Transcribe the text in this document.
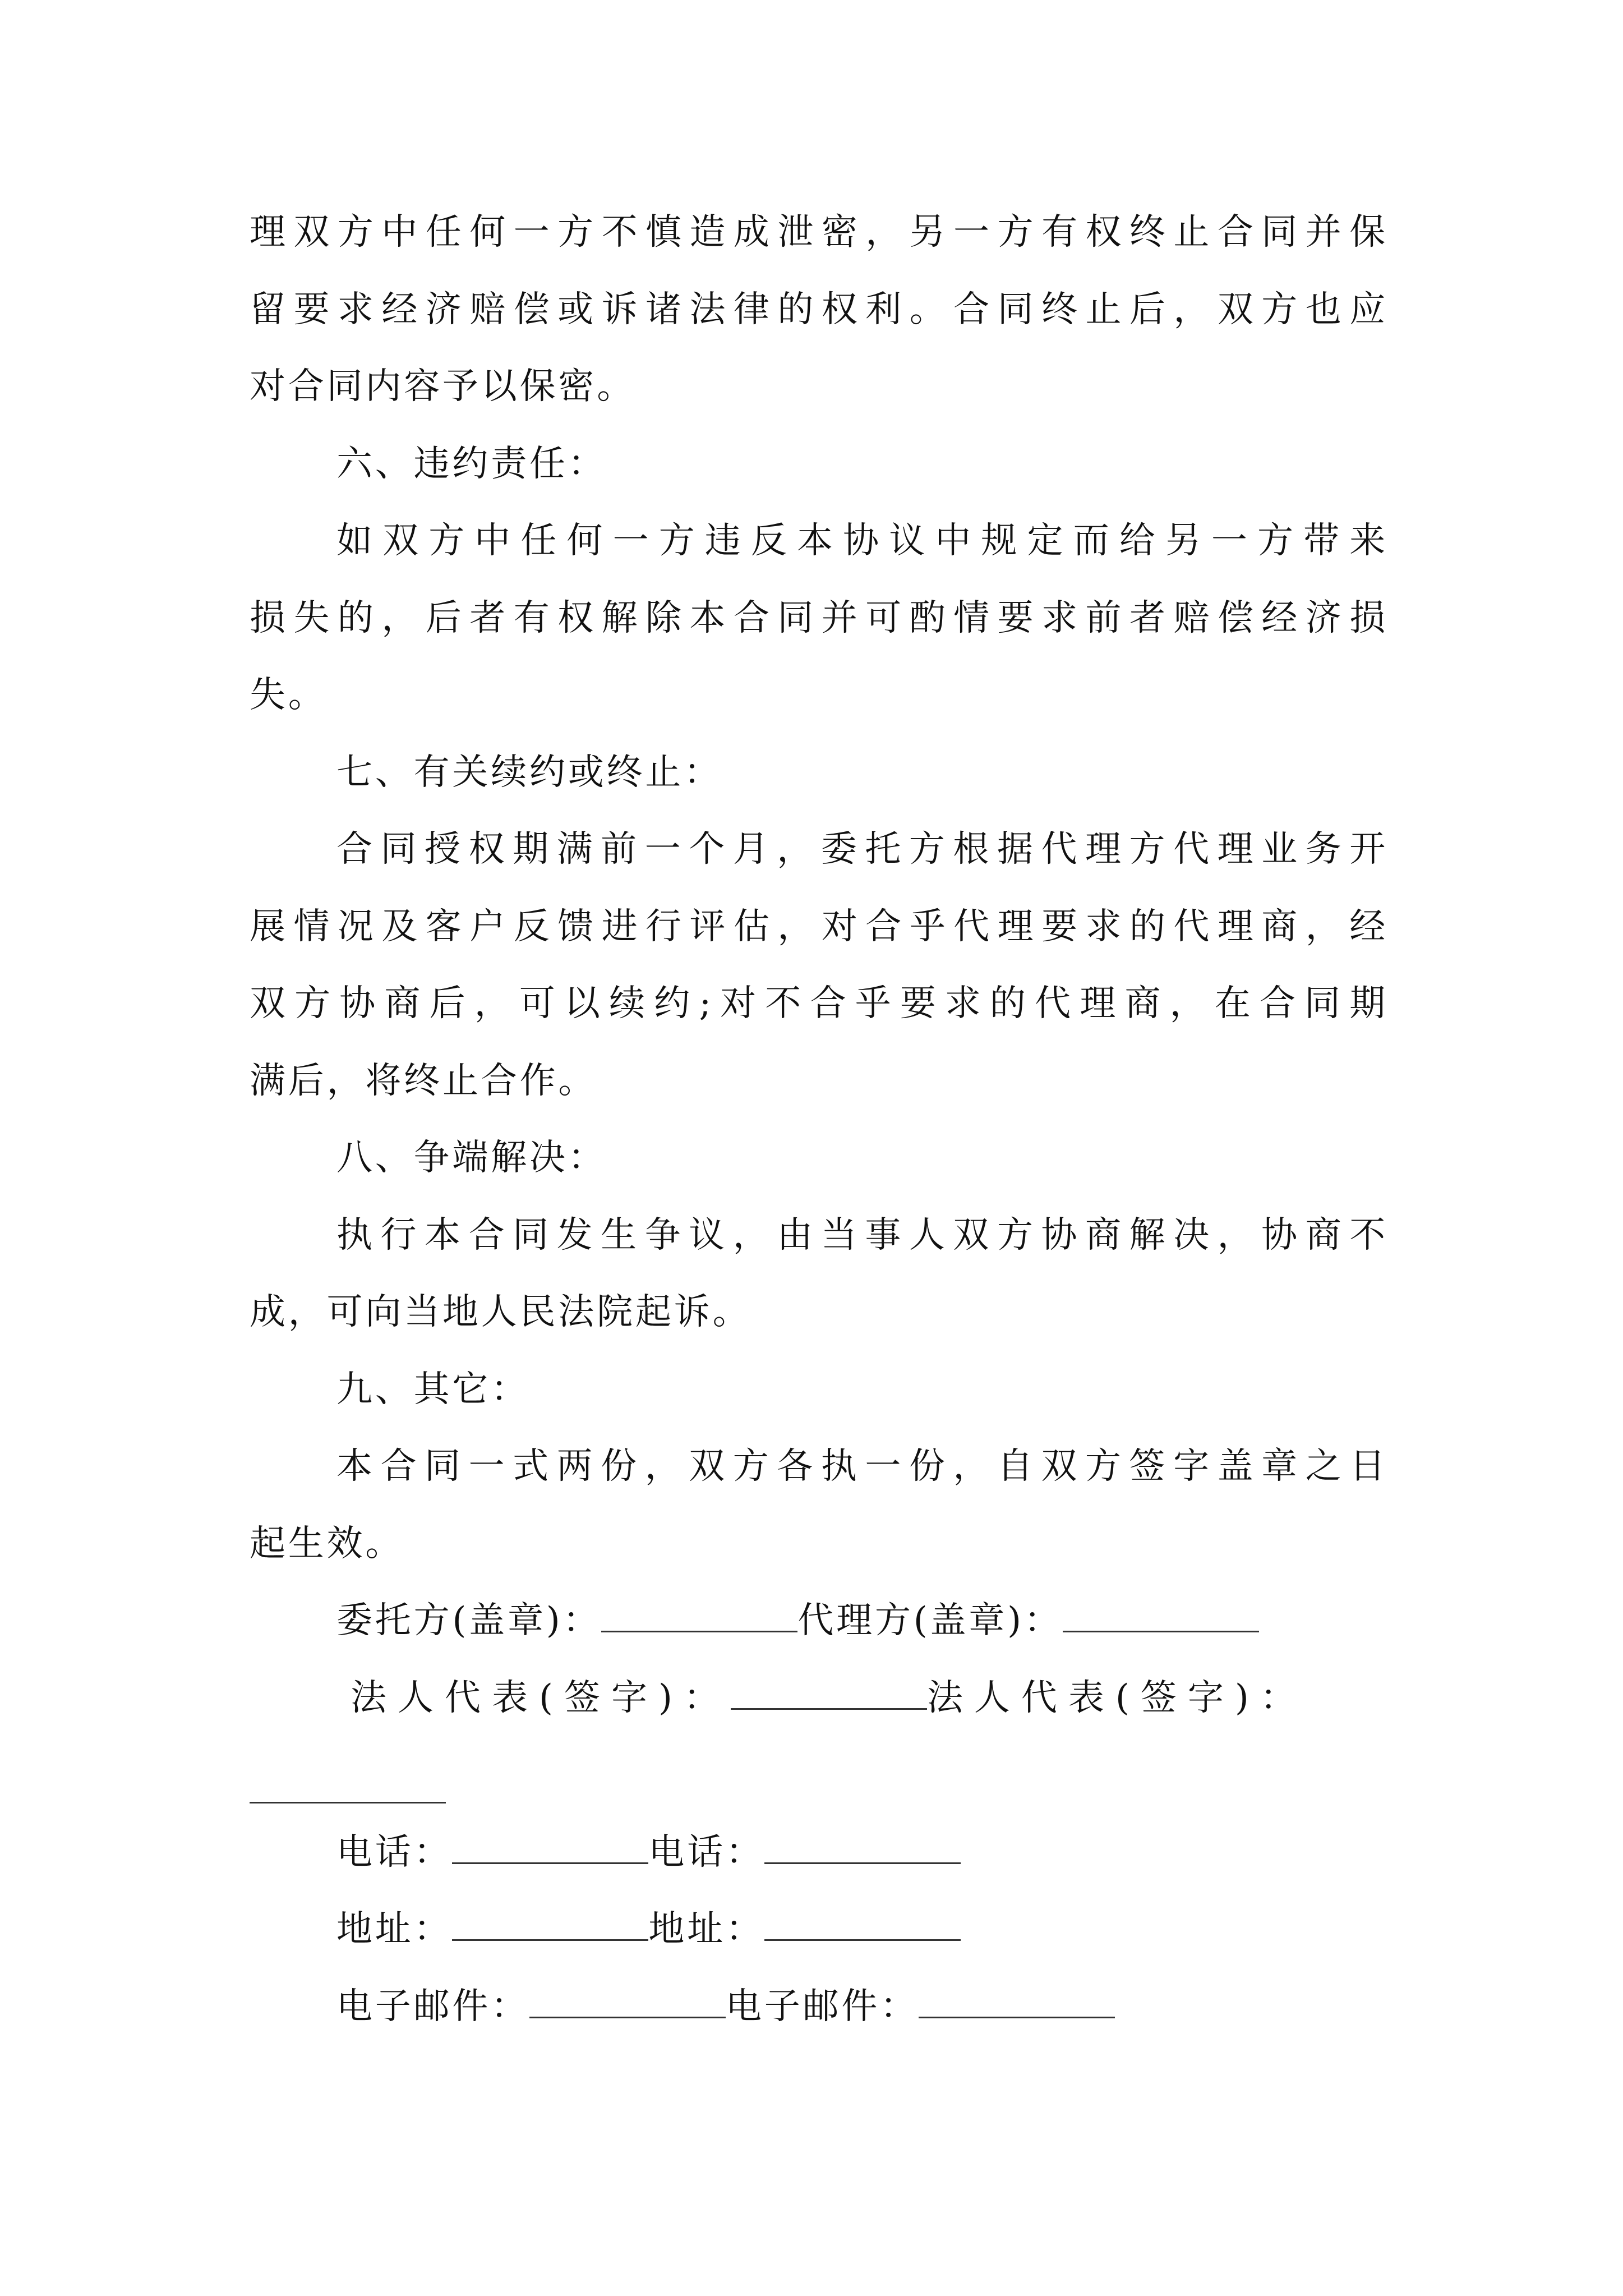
理双方中任何一方不慎造成泄密，另一方有权终止合同并保
留要求经济赔偿或诉诸法律的权利。合同终止后，双方也应
对合同内容予以保密。
六、违约责任：
如双方中任何一方违反本协议中规定而给另一方带来
损失的，后者有权解除本合同并可酌情要求前者赔偿经济损
失。
七、有关续约或终止：
合同授权期满前一个月，委托方根据代理方代理业务开
展情况及客户反馈进行评估，对合乎代理要求的代理商，经
双方协商后，可以续约;对不合乎要求的代理商，在合同期
满后，将终止合作。
八、争端解决：
执行本合同发生争议，由当事人双方协商解决，协商不
成，可向当地人民法院起诉。
九、其它：
本合同一式两份，双方各执一份，自双方签字盖章之日
起生效。
委托方(盖章)：	代理方(盖章)：
法人代表(签字)：	法人代表(签字)：
电话：	电话：
地址：	地址：
电子邮件：	电子邮件：
